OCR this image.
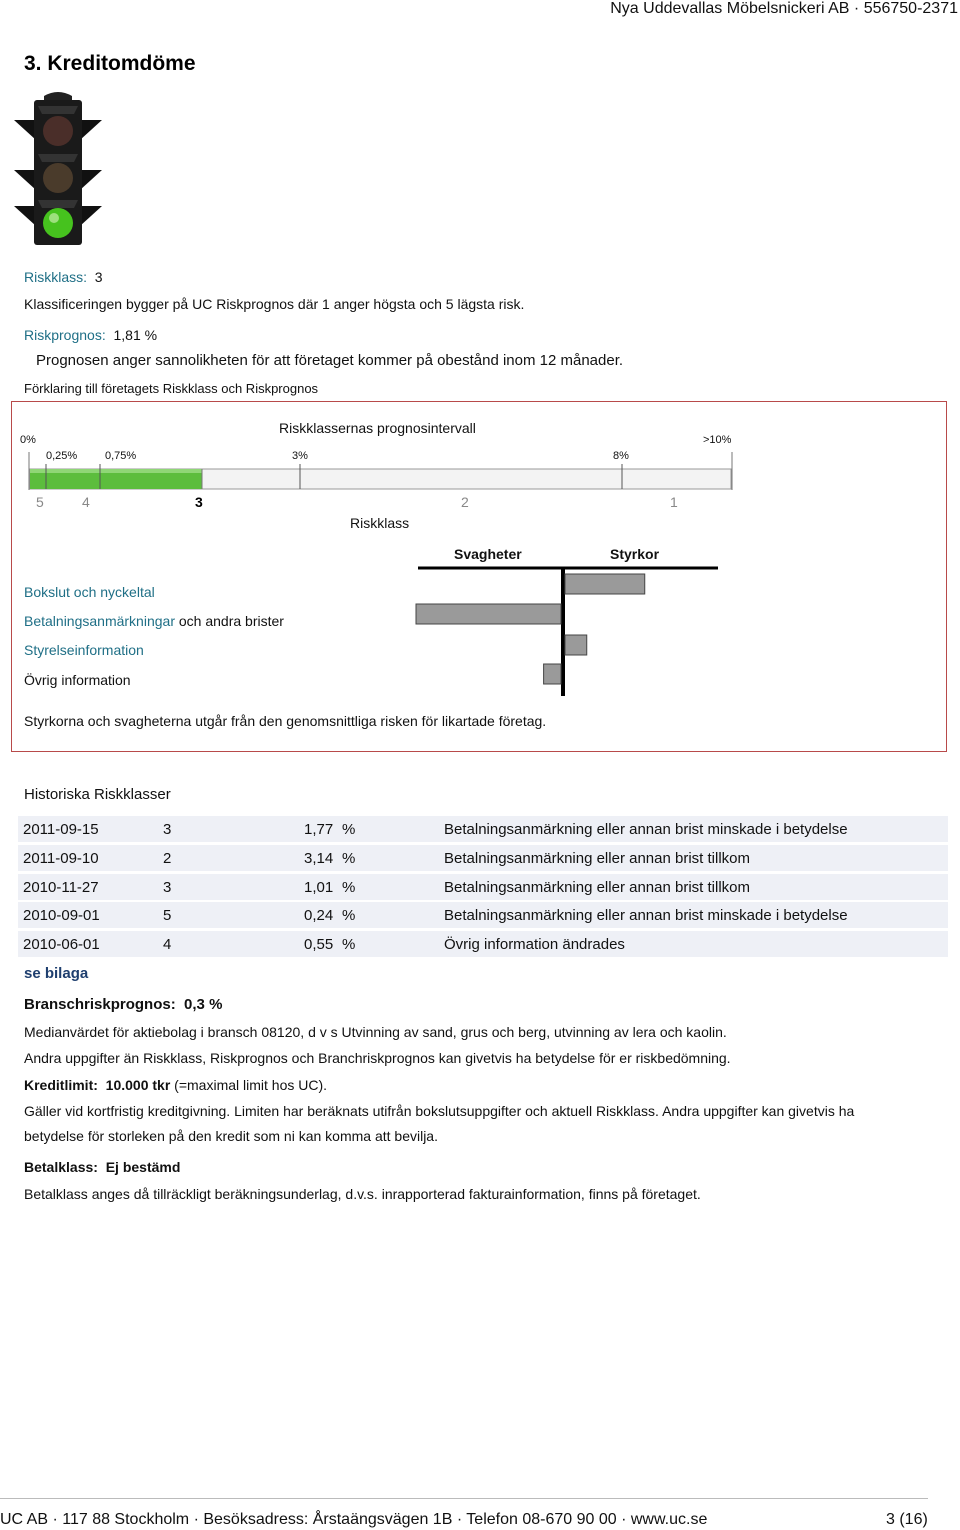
Nya Uddevallas Möbelsnickeri AB · 556750-2371
3. Kreditomdöme
Riskklass: 3
Klassificeringen bygger på UC Riskprognos där 1 anger högsta och 5 lägsta risk.
Riskprognos: 1,81 %
Prognosen anger sannolikheten för att företaget kommer på obestånd inom 12 månader.
Förklaring till företagets Riskklass och Riskprognos
Riskklassernas prognosintervall
0%	>10%
0,25%	0,75%	3%	8%
5	4	3	2	1
Riskklass
Svagheter	Styrkor
Bokslut och nyckeltal
Betalningsanmärkningar och andra brister
Styrelseinformation
Övrig information
Styrkorna och svagheterna utgår från den genomsnittliga risken för likartade företag.
Historiska Riskklasser
2011-09-15	3	1,77 %	Betalningsanmärkning eller annan brist minskade i betydelse
2011-09-10	2	3,14 %	Betalningsanmärkning eller annan brist tillkom
2010-11-27	3	1,01 %	Betalningsanmärkning eller annan brist tillkom
2010-09-01	5	0,24 %	Betalningsanmärkning eller annan brist minskade i betydelse
2010-06-01	4	0,55 %	Övrig information ändrades
se bilaga
Branschriskprognos: 0,3 %
Medianvärdet för aktiebolag i bransch 08120, d v s Utvinning av sand, grus och berg, utvinning av lera och kaolin.
Andra uppgifter än Riskklass, Riskprognos och Branchriskprognos kan givetvis ha betydelse för er riskbedömning.
Kreditlimit: 10.000 tkr (=maximal limit hos UC).
Gäller vid kortfristig kreditgivning. Limiten har beräknats utifrån bokslutsuppgifter och aktuell Riskklass. Andra uppgifter kan givetvis ha
betydelse för storleken på den kredit som ni kan komma att bevilja.
Betalklass: Ej bestämd
Betalklass anges då tillräckligt beräkningsunderlag, d.v.s. inrapporterad fakturainformation, finns på företaget.
UC AB · 117 88 Stockholm · Besöksadress: Årstaängsvägen 1B · Telefon 08-670 90 00 · www.uc.se	3 (16)
